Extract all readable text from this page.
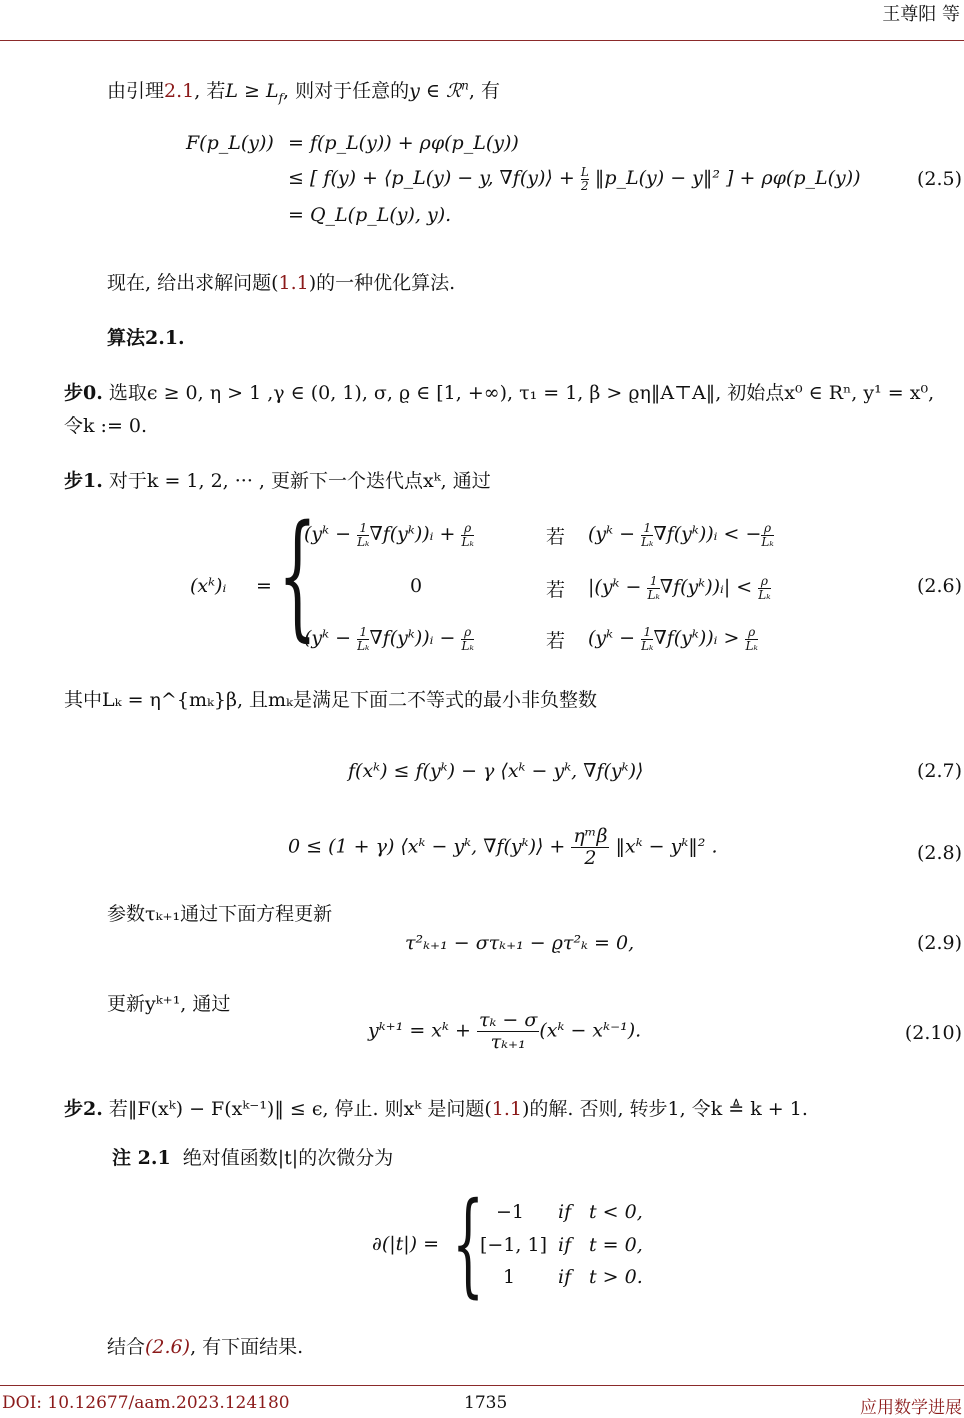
王尊阳 等
由引理2.1, 若$L \ge L_f$, 则对于任意的y ∈ ℛ$^n$, 有
F(p_L(y)) = f(p_L(y)) + ρφ(p_L(y))
≤ [ f(y) + ⟨p_L(y) − y, ∇f(y)⟩ + $\frac{L}{2}$ ‖p_L(y) − y‖² ] + ρφ(p_L(y))
= Q_L(p_L(y), y).
(2.5)
现在, 给出求解问题(1.1)的一种优化算法.
算法2.1.
步0. 选取ϵ ≥ 0, η > 1 ,γ ∈ (0, 1), σ, ϱ ∈ [1, +∞), τ₁ = 1, β > ϱη‖A⊤A‖, 初始点x⁰ ∈ Rⁿ, y¹ = x⁰,
令k := 0.
步1. 对于k = 1, 2, ··· , 更新下一个迭代点xᵏ, 通过
(xᵏ)ᵢ = {
(yᵏ − $\frac{1}{\text{Lₖ}}$ ∇f(yᵏ))ᵢ + $\frac{\rho}{\text{Lₖ}}$	若 (yᵏ − $\frac{1}{\text{Lₖ}}$ ∇f(yᵏ))ᵢ < − $\frac{\rho}{\text{Lₖ}}$
0	若 |(yᵏ − $\frac{1}{\text{Lₖ}}$ ∇f(yᵏ))ᵢ| < $\frac{\rho}{\text{Lₖ}}$
(yᵏ − $\frac{1}{\text{Lₖ}}$ ∇f(yᵏ))ᵢ − $\frac{\rho}{\text{Lₖ}}$	若 (yᵏ − $\frac{1}{\text{Lₖ}}$ ∇f(yᵏ))ᵢ > $\frac{\rho}{\text{Lₖ}}$
(2.6)
其中Lₖ = η^{mₖ}β, 且mₖ是满足下面二不等式的最小非负整数
f(xᵏ) ≤ f(yᵏ) − γ ⟨xᵏ − yᵏ, ∇f(yᵏ)⟩	(2.7)
0 ≤ (1 + γ) ⟨xᵏ − yᵏ, ∇f(yᵏ)⟩ + $\frac{\text{ηᵐβ}}{2}$ ‖xᵏ − yᵏ‖² .	(2.8)
参数τₖ₊₁通过下面方程更新
τ²ₖ₊₁ − στₖ₊₁ − ϱτ²ₖ = 0,	(2.9)
更新yᵏ⁺¹, 通过
yᵏ⁺¹ = xᵏ + $\frac{\text{τₖ − σ}}{\text{τₖ₊₁}}$ (xᵏ − xᵏ⁻¹).	(2.10)
步2. 若‖F(xᵏ) − F(xᵏ⁻¹)‖ ≤ ϵ, 停止. 则xᵏ 是问题(1.1)的解. 否则, 转步1, 令k ≜ k + 1.
注 2.1 绝对值函数|t|的次微分为
∂(|t|) = { −1 if t < 0,
[−1, 1] if t = 0,
1 if t > 0.
结合(2.6), 有下面结果.
DOI: 10.12677/aam.2023.124180	1735	应用数学进展
